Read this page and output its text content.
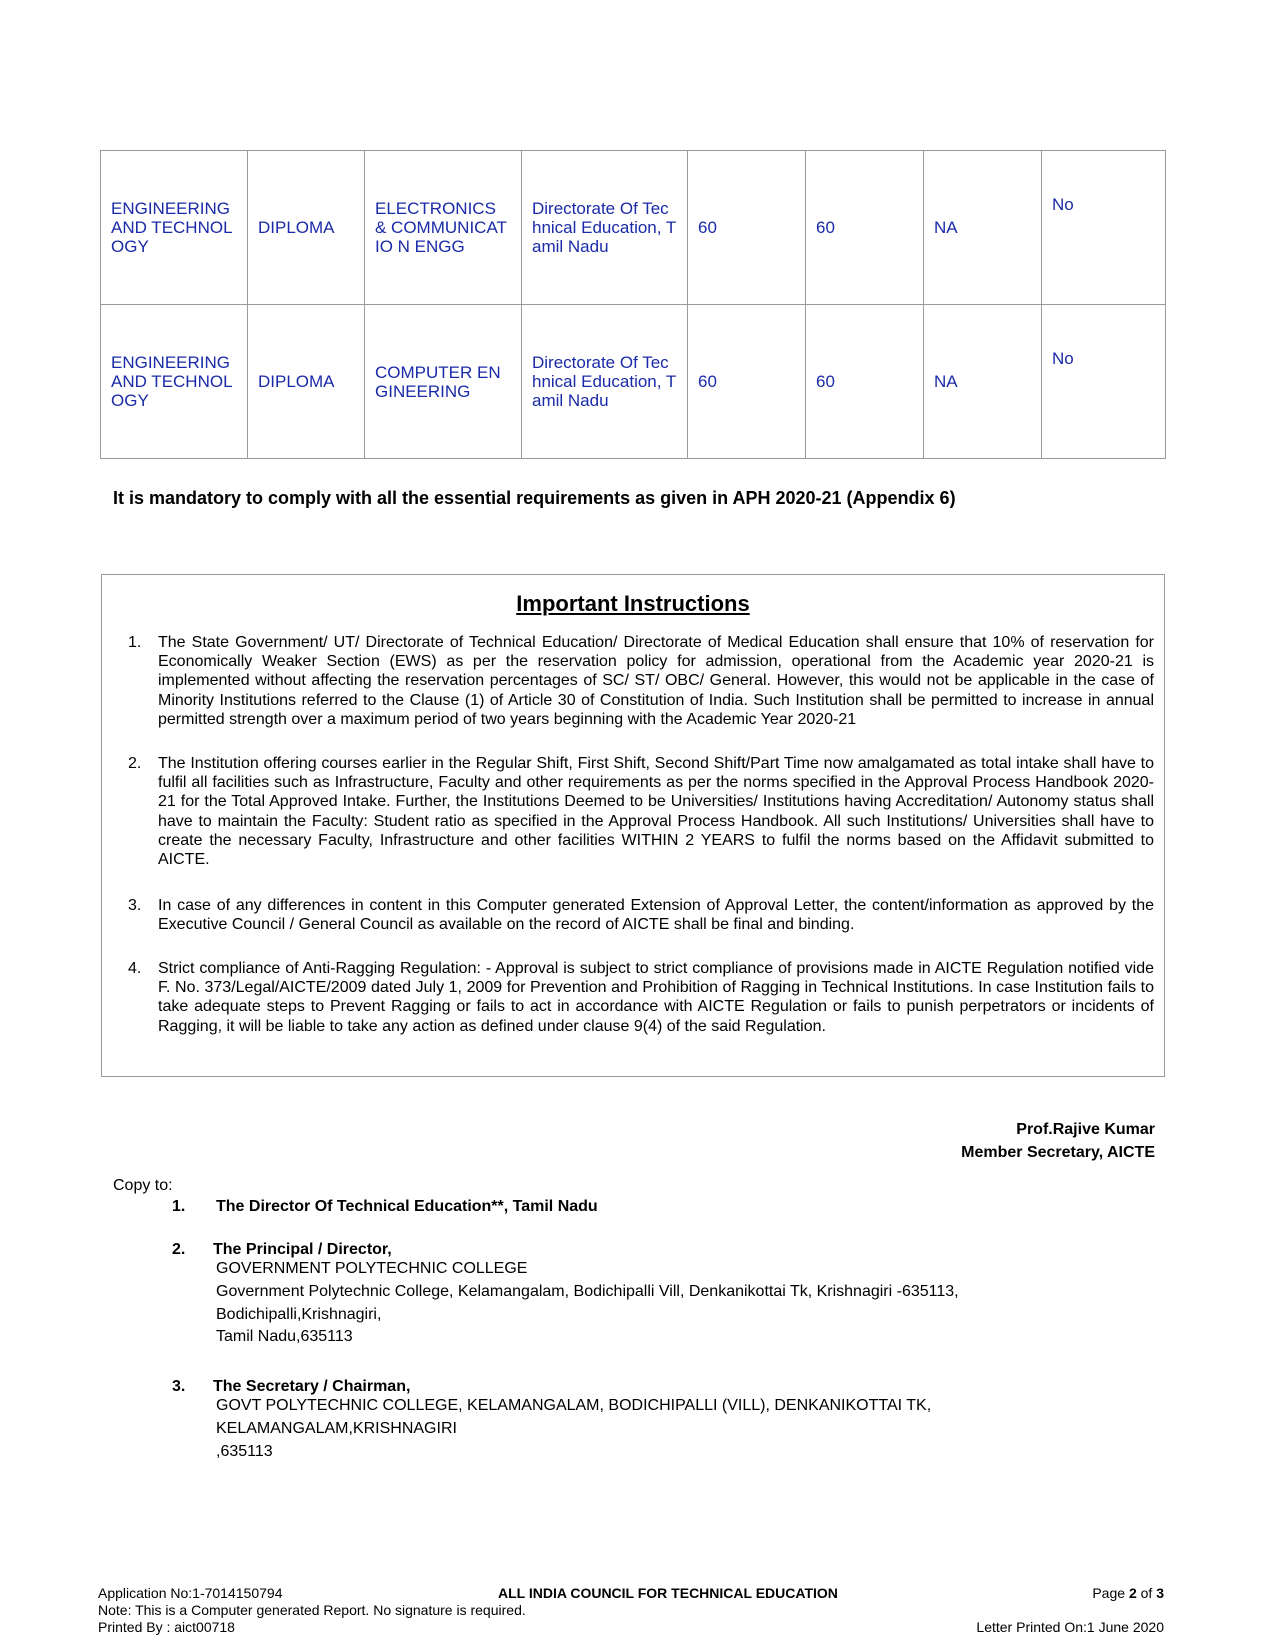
ENGINEERING AND TECHNOLOGY	DIPLOMA	ELECTRONICS & COMMUNICATIO N ENGG	Directorate Of Technical Education, Tamil Nadu	60	60	NA	No
ENGINEERING AND TECHNOLOGY	DIPLOMA	COMPUTER ENGINEERING	Directorate Of Technical Education, Tamil Nadu	60	60	NA	No
It is mandatory to comply with all the essential requirements as given in APH 2020-21 (Appendix 6)
Important Instructions
1. The State Government/ UT/ Directorate of Technical Education/ Directorate of Medical Education shall ensure that 10% of reservation for Economically Weaker Section (EWS) as per the reservation policy for admission, operational from the Academic year 2020-21 is implemented without affecting the reservation percentages of SC/ ST/ OBC/ General. However, this would not be applicable in the case of Minority Institutions referred to the Clause (1) of Article 30 of Constitution of India. Such Institution shall be permitted to increase in annual permitted strength over a maximum period of two years beginning with the Academic Year 2020-21
2. The Institution offering courses earlier in the Regular Shift, First Shift, Second Shift/Part Time now amalgamated as total intake shall have to fulfil all facilities such as Infrastructure, Faculty and other requirements as per the norms specified in the Approval Process Handbook 2020-21 for the Total Approved Intake. Further, the Institutions Deemed to be Universities/ Institutions having Accreditation/ Autonomy status shall have to maintain the Faculty: Student ratio as specified in the Approval Process Handbook. All such Institutions/ Universities shall have to create the necessary Faculty, Infrastructure and other facilities WITHIN 2 YEARS to fulfil the norms based on the Affidavit submitted to AICTE.
3. In case of any differences in content in this Computer generated Extension of Approval Letter, the content/information as approved by the Executive Council / General Council as available on the record of AICTE shall be final and binding.
4. Strict compliance of Anti-Ragging Regulation: - Approval is subject to strict compliance of provisions made in AICTE Regulation notified vide F. No. 373/Legal/AICTE/2009 dated July 1, 2009 for Prevention and Prohibition of Ragging in Technical Institutions. In case Institution fails to take adequate steps to Prevent Ragging or fails to act in accordance with AICTE Regulation or fails to punish perpetrators or incidents of Ragging, it will be liable to take any action as defined under clause 9(4) of the said Regulation.
Prof.Rajive Kumar
Member Secretary, AICTE
Copy to:
1. The Director Of Technical Education**, Tamil Nadu
2. The Principal / Director,
GOVERNMENT POLYTECHNIC COLLEGE
Government Polytechnic College, Kelamangalam, Bodichipalli Vill, Denkanikottai Tk, Krishnagiri -635113,
Bodichipalli,Krishnagiri,
Tamil Nadu,635113
3. The Secretary / Chairman,
GOVT POLYTECHNIC COLLEGE, KELAMANGALAM, BODICHIPALLI (VILL), DENKANIKOTTAI TK,
KELAMANGALAM,KRISHNAGIRI
,635113
Application No:1-7014150794	ALL INDIA COUNCIL FOR TECHNICAL EDUCATION	Page 2 of 3
Note: This is a Computer generated Report. No signature is required.
Printed By : aict00718	Letter Printed On:1 June 2020
